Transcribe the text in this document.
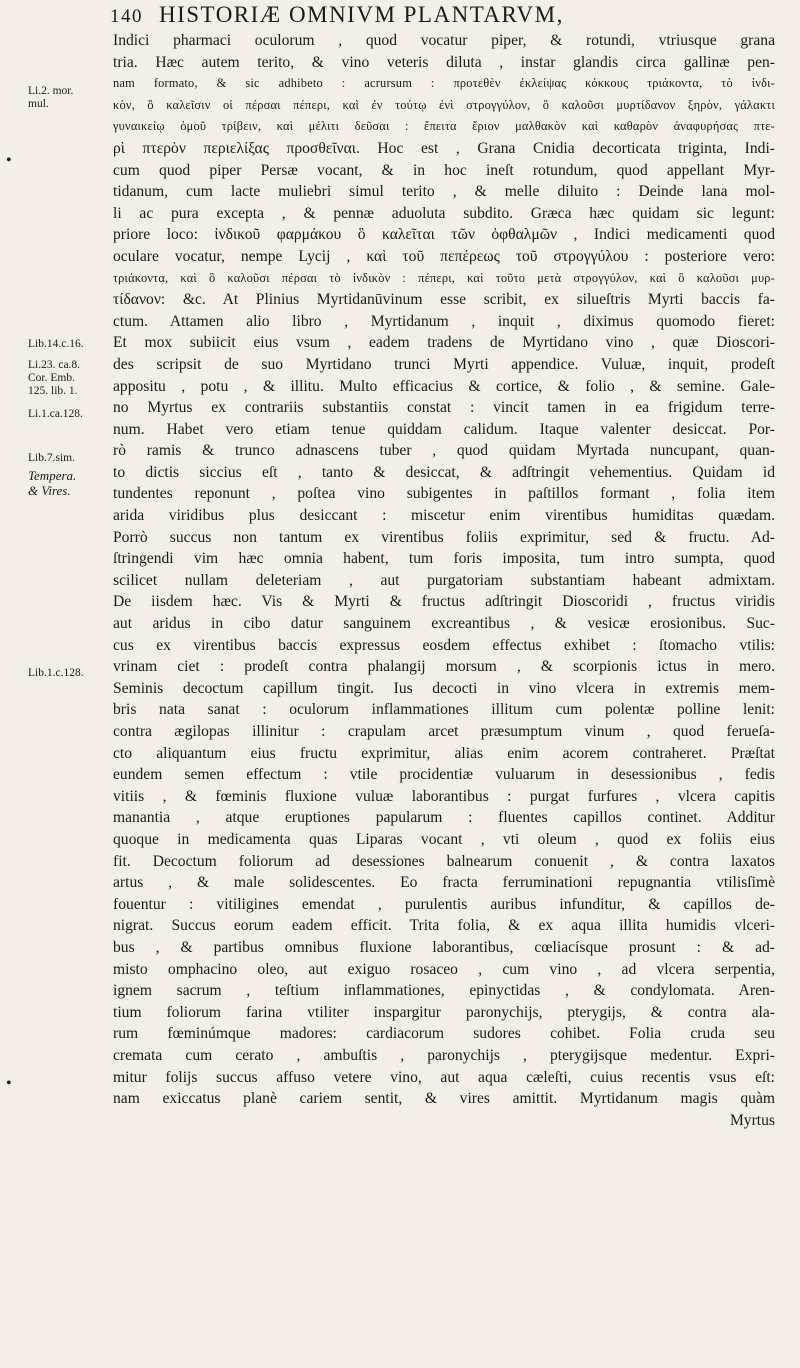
140 HISTORIÆ OMNIVM PLANTARVM,
Li.2. mor.
mul.
•
Lib.14.c.16.
Li.23. ca.8.
Cor. Emb.
125. lib. 1.
Li.1.ca.128.
Lib.7.sim.
Tempera.
& Vires.
Lib.1.c.128.
•
Indici pharmaci oculorum , quod vocatur piper, & rotundi, vtriusque grana
tria. Hæc autem terito, & vino veteris diluta , instar glandis circa gallinæ pen-
nam formato, & sic adhibeto : acrursum : προτεθὲν ἐκλείψας κόκκους τριάκοντα, τὸ ἰνδι-
κὸν, ὃ καλεῖσιν οἱ πέρσαι πέπερι, καὶ ἐν τούτῳ ἐνὶ στρογγύλον, ὃ καλοῦσι μυρτίδανον ξηρὸν, γάλακτι
γυναικείῳ ὁμοῦ τρίβειν, καὶ μέλιτι δεῦσαι : ἔπειτα ἔριον μαλθακὸν καὶ καθαρὸν ἀναφυρήσας πτε-
ρὶ πτερὸν περιελίξας προσθεῖναι. Hoc est , Grana Cnidia decorticata triginta, Indi-
cum quod piper Persæ vocant, & in hoc ineſt rotundum, quod appellant Myr-
tidanum, cum lacte muliebri simul terito , & melle diluito : Deinde lana mol-
li ac pura excepta , & pennæ aduoluta subdito. Græca hæc quidam sic legunt:
priore loco: ἰνδικοῦ φαρμάκου ὃ καλεῖται τῶν ὀφθαλμῶν , Indici medicamenti quod
oculare vocatur, nempe Lycij , καὶ τοῦ πεπέρεως τοῦ στρογγύλου : posteriore vero:
τριάκοντα, καὶ ὃ καλοῦσι πέρσαι τὸ ἰνδικὸν : πέπερι, καὶ τοῦτο μετὰ στρογγύλον, καὶ ὃ καλοῦσι μυρ-
τίδανον: &c. At Plinius Myrtidanūvinum esse scribit, ex silueſtris Myrti baccis fa-
ctum. Attamen alio libro , Myrtidanum , inquit , diximus quomodo fieret:
Et mox subiicit eius vsum , eadem tradens de Myrtidano vino , quæ Dioscori-
des scripsit de suo Myrtidano trunci Myrti appendice. Vuluæ, inquit, prodeſt
appositu , potu , & illitu. Multo efficacius & cortice, & folio , & semine. Gale-
no Myrtus ex contrariis substantiis constat : vincit tamen in ea frigidum terre-
num. Habet vero etiam tenue quiddam calidum. Itaque valenter desiccat. Por-
rò ramis & trunco adnascens tuber , quod quidam Myrtada nuncupant, quan-
to dictis siccius eſt , tanto & desiccat, & adſtringit vehementius. Quidam id
tundentes reponunt , poſtea vino subigentes in paſtillos formant , folia item
arida viridibus plus desiccant : miscetur enim virentibus humiditas quædam.
Porrò succus non tantum ex virentibus foliis exprimitur, sed & fructu. Ad-
ſtringendi vim hæc omnia habent, tum foris imposita, tum intro sumpta, quod
scilicet nullam deleteriam , aut purgatoriam substantiam habeant admixtam.
De iisdem hæc. Vis & Myrti & fructus adſtringit Dioscoridi , fructus viridis
aut aridus in cibo datur sanguinem excreantibus , & vesicæ erosionibus. Suc-
cus ex virentibus baccis expressus eosdem effectus exhibet : ſtomacho vtilis:
vrinam ciet : prodeſt contra phalangij morsum , & scorpionis ictus in mero.
Seminis decoctum capillum tingit. Ius decocti in vino vlcera in extremis mem-
bris nata sanat : oculorum inflammationes illitum cum polentæ polline lenit:
contra ægilopas illinitur : crapulam arcet præsumptum vinum , quod ferueſa-
cto aliquantum eius fructu exprimitur, alias enim acorem contraheret. Præſtat
eundem semen effectum : vtile procidentiæ vuluarum in desessionibus , fedis
vitiis , & fœminis fluxione vuluæ laborantibus : purgat furfures , vlcera capitis
manantia , atque eruptiones papularum : fluentes capillos continet. Additur
quoque in medicamenta quas Liparas vocant , vti oleum , quod ex foliis eius
fit. Decoctum foliorum ad desessiones balnearum conuenit , & contra laxatos
artus , & male solidescentes. Eo fracta ferruminationi repugnantia vtilisſimè
fouentur : vitiligines emendat , purulentis auribus infunditur, & capillos de-
nigrat. Succus eorum eadem efficit. Trita folia, & ex aqua illita humidis vlceri-
bus , & partibus omnibus fluxione laborantibus, cœliacísque prosunt : & ad-
misto omphacino oleo, aut exiguo rosaceo , cum vino , ad vlcera serpentia,
ignem sacrum , teſtium inflammationes, epinyctidas , & condylomata. Aren-
tium foliorum farina vtiliter inspargitur paronychijs, pterygijs, & contra ala-
rum fœminúmque madores: cardiacorum sudores cohibet. Folia cruda seu
cremata cum cerato , ambuſtis , paronychijs , pterygijsque medentur. Expri-
mitur folijs succus affuso vetere vino, aut aqua cæleſti, cuius recentis vsus eſt:
nam exiccatus planè cariem sentit, & vires amittit. Myrtidanum magis quàm
Myrtus
